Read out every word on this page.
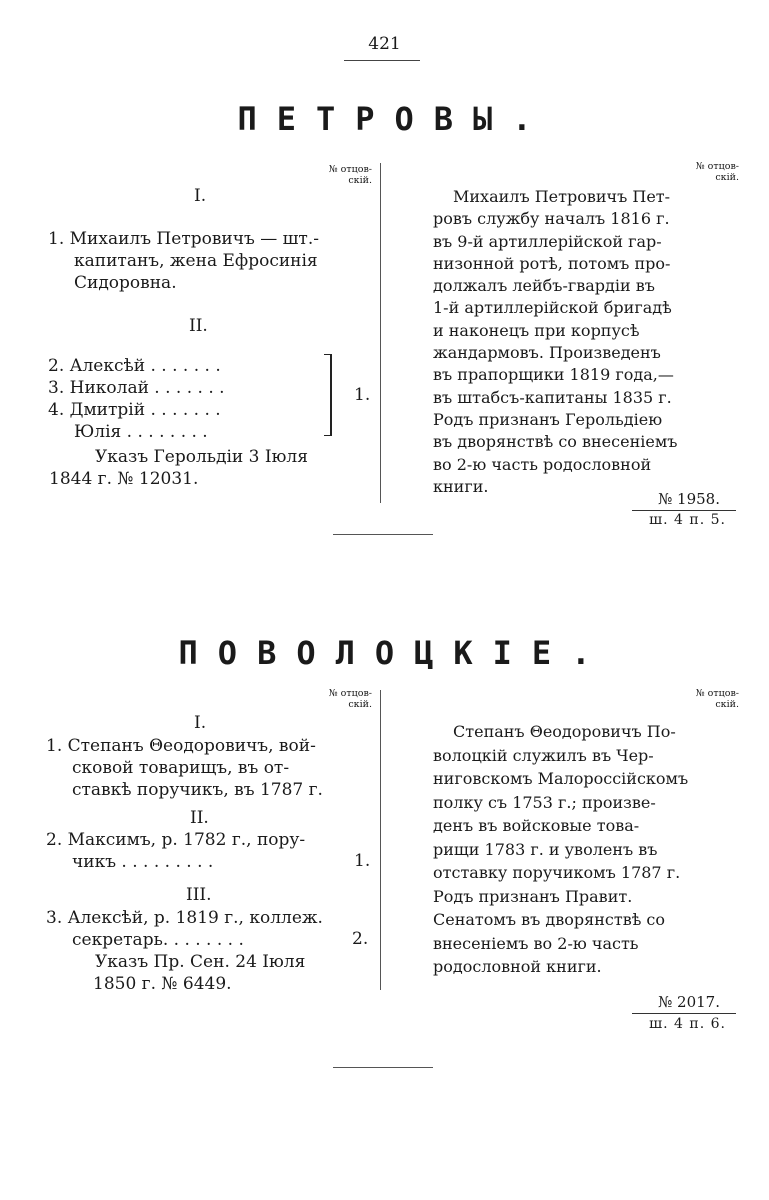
421
ПЕТРОВЫ.
№ отцов-
скій.
№ отцов-
скій.
I.
1. Михаилъ Петровичъ — шт.-
капитанъ, жена Ефросинія
Сидоровна.
II.
2. Алексѣй . . . . . . .
3. Николай . . . . . . .
4. Дмитрій . . . . . . .
Юлія . . . . . . . .
1.
Указъ Герольдіи 3 Іюля
1844 г. № 12031.
Михаилъ Петровичъ Пет-
ровъ службу началъ 1816 г.
въ 9-й артиллерійской гар-
низонной ротѣ, потомъ про-
должалъ лейбъ-гвардіи въ
1-й артиллерійской бригадѣ
и наконецъ при корпусѣ
жандармовъ. Произведенъ
въ прапорщики 1819 года,—
въ штабсъ-капитаны 1835 г.
Родъ признанъ Герольдіею
въ дворянствѣ со внесеніемъ
во 2-ю часть родословной
книги.
№ 1958.
ш. 4 п. 5.
ПОВОЛОЦКІЕ.
№ отцов-
скій.
№ отцов-
скій.
I.
1. Степанъ Θеодоровичъ, вой-
сковой товарищъ, въ от-
ставкѣ поручикъ, въ 1787 г.
II.
2. Максимъ, р. 1782 г., пору-
чикъ . . . . . . . . .	1.
III.
3. Алексѣй, р. 1819 г., коллеж.
секретарь. . . . . . . .	2.
Указъ Пр. Сен. 24 Іюля
1850 г. № 6449.
Степанъ Θеодоровичъ По-
волоцкій служилъ въ Чер-
ниговскомъ Малороссійскомъ
полку съ 1753 г.; произве-
денъ въ войсковые това-
рищи 1783 г. и уволенъ въ
отставку поручикомъ 1787 г.
Родъ признанъ Правит.
Сенатомъ въ дворянствѣ со
внесеніемъ во 2-ю часть
родословной книги.
№ 2017.
ш. 4 п. 6.
